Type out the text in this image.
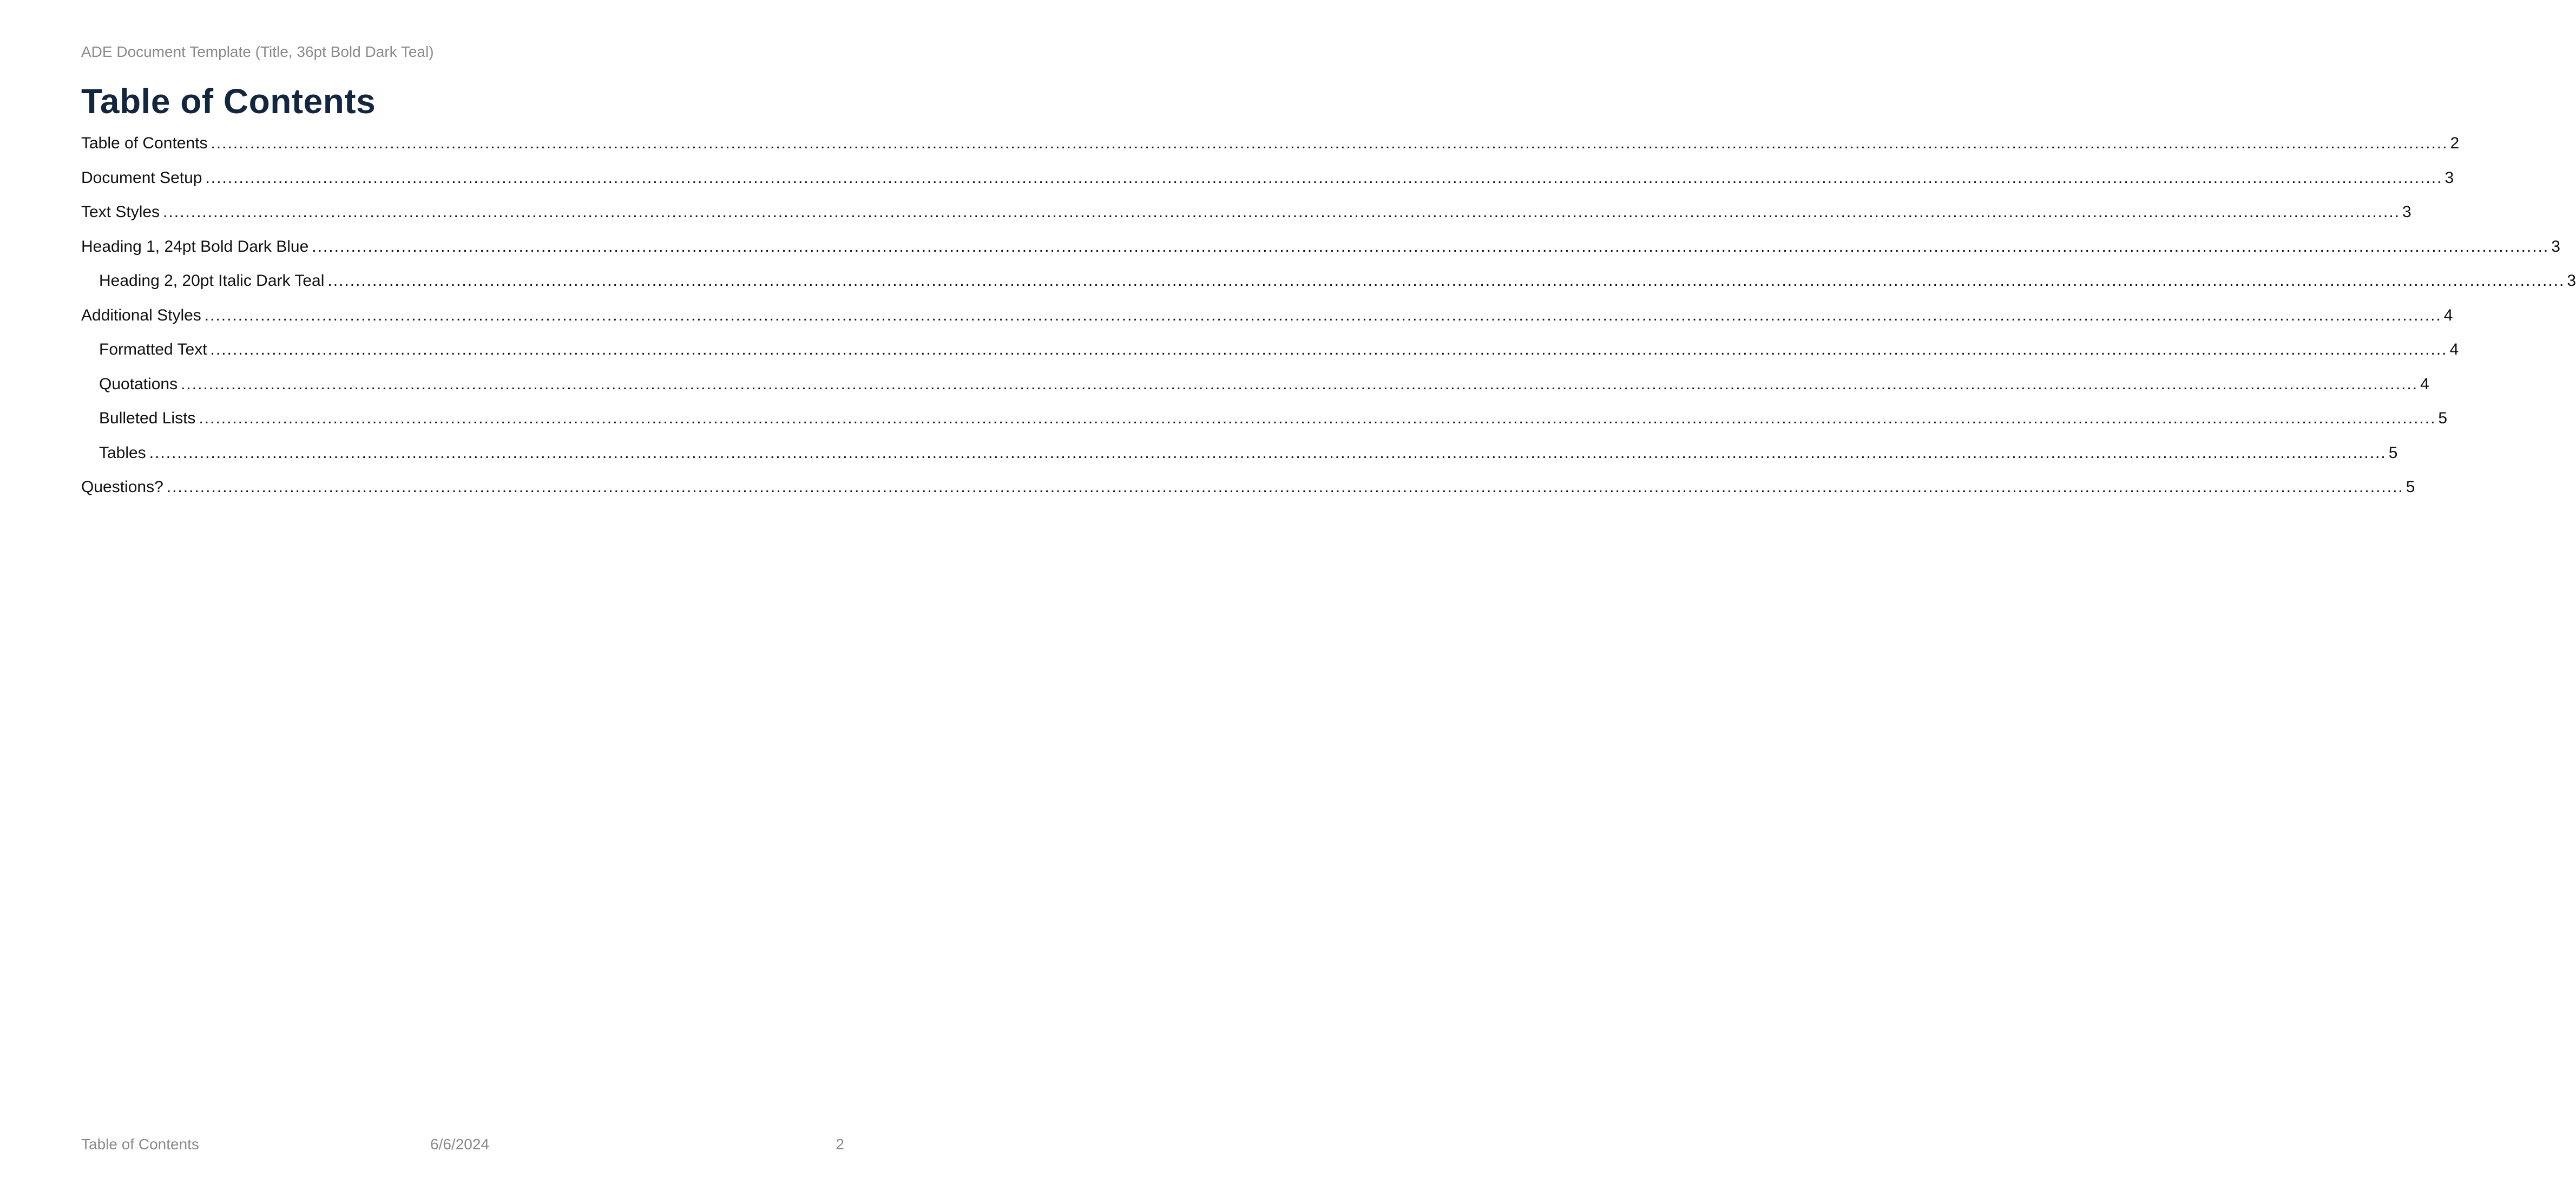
ADE Document Template (Title, 36pt Bold Dark Teal)
Table of Contents
Table of Contents ................................................................................................................................................................................................................................................................................................................................................................................................................ 2
Document Setup ................................................................................................................................................................................................................................................................................................................................................................................................................ 3
Text Styles ................................................................................................................................................................................................................................................................................................................................................................................................................ 3
Heading 1, 24pt Bold Dark Blue ................................................................................................................................................................................................................................................................................................................................................................................................................ 3
Heading 2, 20pt Italic Dark Teal ................................................................................................................................................................................................................................................................................................................................................................................................................ 3
Additional Styles ................................................................................................................................................................................................................................................................................................................................................................................................................ 4
Formatted Text ................................................................................................................................................................................................................................................................................................................................................................................................................ 4
Quotations ................................................................................................................................................................................................................................................................................................................................................................................................................ 4
Bulleted Lists ................................................................................................................................................................................................................................................................................................................................................................................................................ 5
Tables ................................................................................................................................................................................................................................................................................................................................................................................................................ 5
Questions? ................................................................................................................................................................................................................................................................................................................................................................................................................ 5
Table of Contents	6/6/2024	2
